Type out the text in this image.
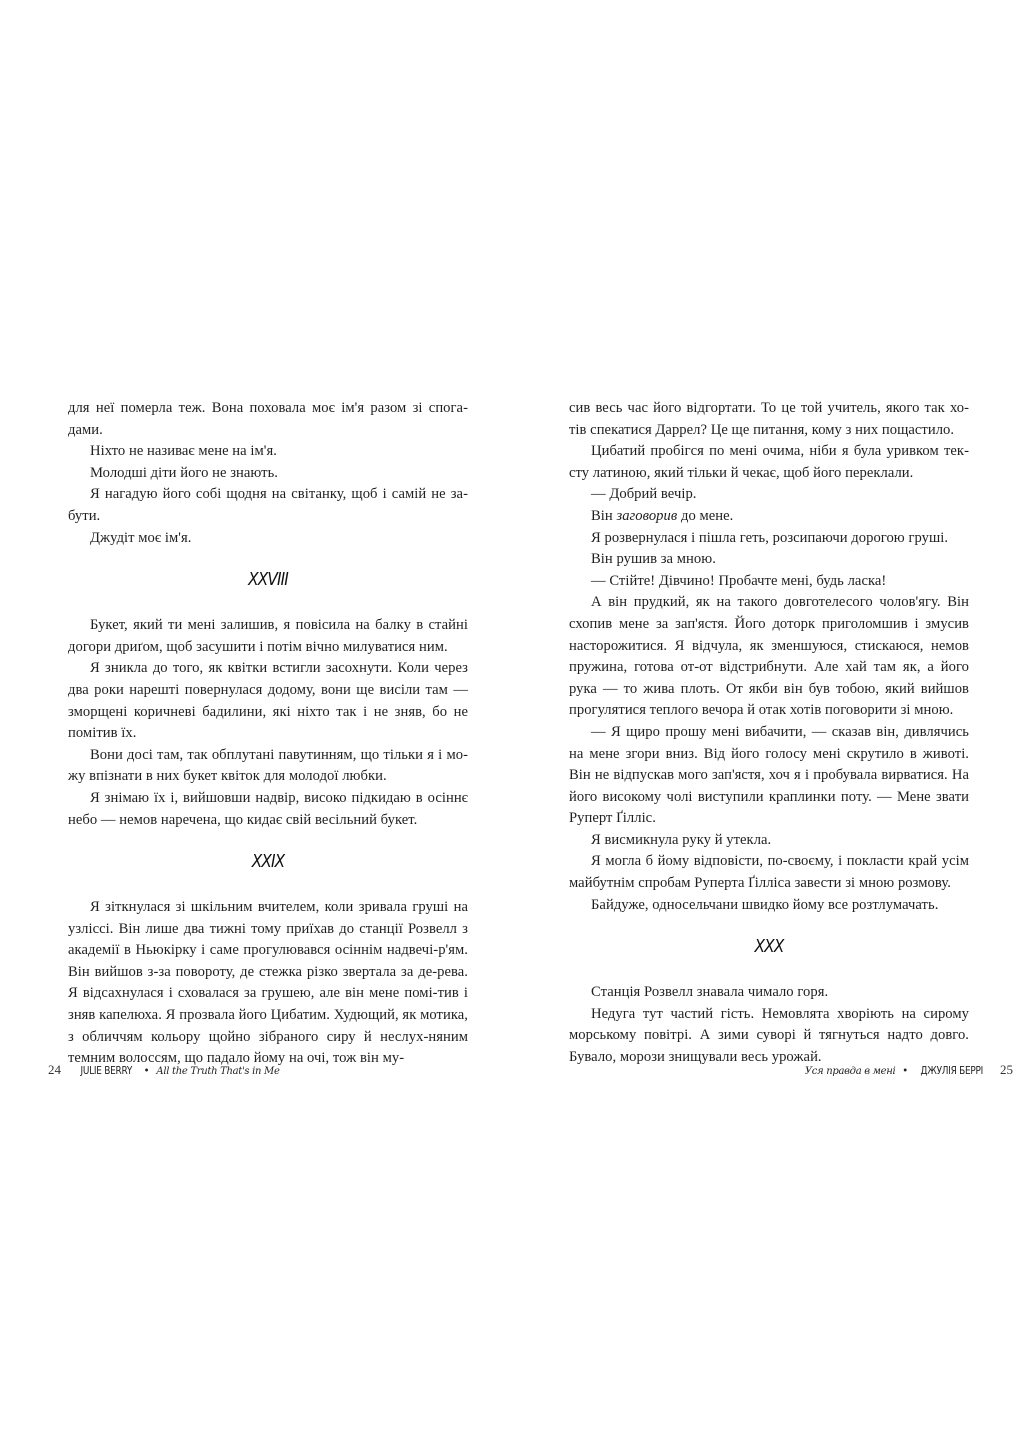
для неї померла теж. Вона поховала моє ім'я разом зі спога-дами.

Ніхто не називає мене на ім'я.

Молодші діти його не знають.

Я нагадую його собі щодня на світанку, щоб і самій не за-бути.

Джудіт моє ім'я.

XXVIII

Букет, який ти мені залишив, я повісила на балку в стайні догори дриґом, щоб засушити і потім вічно милуватися ним.

Я зникла до того, як квітки встигли засохнути. Коли через два роки нарешті повернулася додому, вони ще висіли там — зморщені коричневі бадилини, які ніхто так і не зняв, бо не помітив їх.

Вони досі там, так обплутані павутинням, що тільки я і мо-жу впізнати в них букет квіток для молодої любки.

Я знімаю їх і, вийшовши надвір, високо підкидаю в осіннє небо — немов наречена, що кидає свій весільний букет.

XXIX

Я зіткнулася зі шкільним вчителем, коли зривала груші на узліссі. Він лише два тижні тому приїхав до станції Розвелл з академії в Ньюкірку і саме прогулювався осіннім надвечі-р'ям. Він вийшов з-за повороту, де стежка різко звертала за де-рева. Я відсахнулася і сховалася за грушею, але він мене помі-тив і зняв капелюха. Я прозвала його Цибатим. Худющий, як мотика, з обличчям кольору щойно зібраного сиру й неслух-няним темним волоссям, що падало йому на очі, тож він му-

24 JULIE BERRY • All the Truth That's in Me

сив весь час його відгортати. То це той учитель, якого так хо-тів спекатися Даррел? Це ще питання, кому з них пощастило.

Цибатий пробігся по мені очима, ніби я була уривком тек-сту латиною, який тільки й чекає, щоб його переклали.

— Добрий вечір.

Він заговорив до мене.

Я розвернулася і пішла геть, розсипаючи дорогою груші.

Він рушив за мною.

— Стійте! Дівчино! Пробачте мені, будь ласка!

А він прудкий, як на такого довготелесого чолов'ягу. Він схопив мене за зап'ястя. Його доторк приголомшив і змусив насторожитися. Я відчула, як зменшуюся, стискаюся, немов пружина, готова от-от відстрибнути. Але хай там як, а його рука — то жива плоть. От якби він був тобою, який вийшов прогулятися теплого вечора й отак хотів поговорити зі мною.

— Я щиро прошу мені вибачити, — сказав він, дивлячись на мене згори вниз. Від його голосу мені скрутило в животі. Він не відпускав мого зап'ястя, хоч я і пробувала вирватися. На його високому чолі виступили краплинки поту. — Мене звати Руперт Ґілліс.

Я висмикнула руку й утекла.

Я могла б йому відповісти, по-своєму, і покласти край усім майбутнім спробам Руперта Ґілліса завести зі мною розмову.

Байдуже, односельчани швидко йому все розтлумачать.

XXX

Станція Розвелл знавала чимало горя.

Недуга тут частий гість. Немовлята хворіють на сирому морському повітрі. А зими суворі й тягнуться надто довго. Бувало, морози знищували весь урожай.

Уся правда в мені • ДЖУЛІЯ БЕРРІ 25
